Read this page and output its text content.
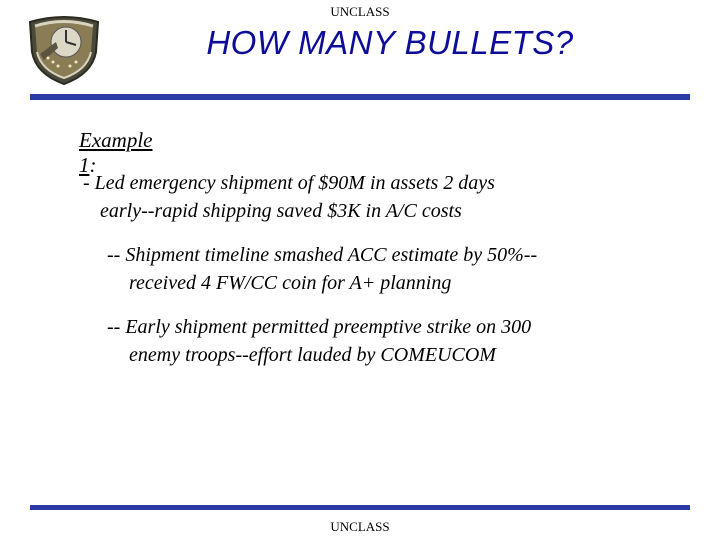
UNCLASS
HOW MANY BULLETS?
Example 1:
- Led emergency shipment of $90M in assets 2 days
early--rapid shipping saved $3K in A/C costs
-- Shipment timeline smashed ACC estimate by 50%--
received 4 FW/CC coin for A+ planning
-- Early shipment permitted preemptive strike on 300
enemy troops--effort lauded by COMEUCOM
UNCLASS
